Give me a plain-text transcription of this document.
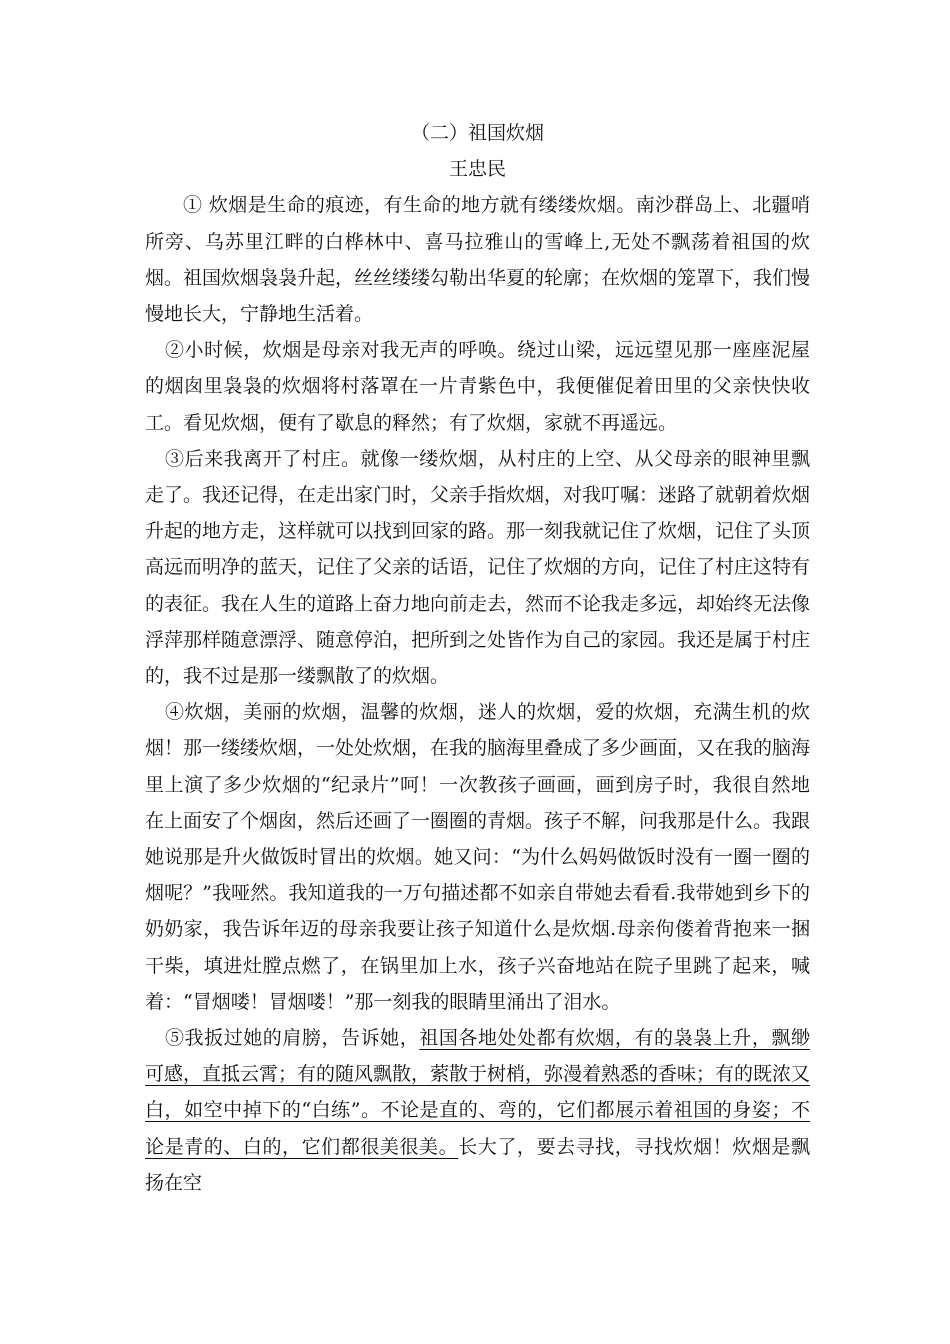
（二）祖国炊烟

王忠民

① 炊烟是生命的痕迹，有生命的地方就有缕缕炊烟。南沙群岛上、北疆哨所旁、乌苏里江畔的白桦林中、喜马拉雅山的雪峰上,无处不飘荡着祖国的炊烟。祖国炊烟袅袅升起，丝丝缕缕勾勒出华夏的轮廓；在炊烟的笼罩下，我们慢慢地长大，宁静地生活着。

②小时候，炊烟是母亲对我无声的呼唤。绕过山梁，远远望见那一座座泥屋的烟囱里袅袅的炊烟将村落罩在一片青紫色中，我便催促着田里的父亲快快收工。看见炊烟，便有了歇息的释然；有了炊烟，家就不再遥远。

③后来我离开了村庄。就像一缕炊烟，从村庄的上空、从父母亲的眼神里飘走了。我还记得，在走出家门时，父亲手指炊烟，对我叮嘱：迷路了就朝着炊烟升起的地方走，这样就可以找到回家的路。那一刻我就记住了炊烟，记住了头顶高远而明净的蓝天，记住了父亲的话语，记住了炊烟的方向，记住了村庄这特有的表征。我在人生的道路上奋力地向前走去，然而不论我走多远，却始终无法像浮萍那样随意漂浮、随意停泊，把所到之处皆作为自己的家园。我还是属于村庄的，我不过是那一缕飘散了的炊烟。

④炊烟，美丽的炊烟，温馨的炊烟，迷人的炊烟，爱的炊烟，充满生机的炊烟！那一缕缕炊烟，一处处炊烟，在我的脑海里叠成了多少画面，又在我的脑海里上演了多少炊烟的“纪录片”呵！一次教孩子画画，画到房子时，我很自然地在上面安了个烟囱，然后还画了一圈圈的青烟。孩子不解，问我那是什么。我跟她说那是升火做饭时冒出的炊烟。她又问：“为什么妈妈做饭时没有一圈一圈的烟呢？”我哑然。我知道我的一万句描述都不如亲自带她去看看.我带她到乡下的奶奶家，我告诉年迈的母亲我要让孩子知道什么是炊烟.母亲佝偻着背抱来一捆干柴，填进灶膛点燃了，在锅里加上水，孩子兴奋地站在院子里跳了起来，喊着：“冒烟喽！冒烟喽！”那一刻我的眼睛里涌出了泪水。

⑤我扳过她的肩膀，告诉她，祖国各地处处都有炊烟，有的袅袅上升，飘缈可感，直抵云霄；有的随风飘散，萦散于树梢，弥漫着熟悉的香味；有的既浓又白，如空中掉下的“白练”。不论是直的、弯的，它们都展示着祖国的身姿；不论是青的、白的，它们都很美很美。长大了，要去寻找，寻找炊烟！炊烟是飘扬在空
